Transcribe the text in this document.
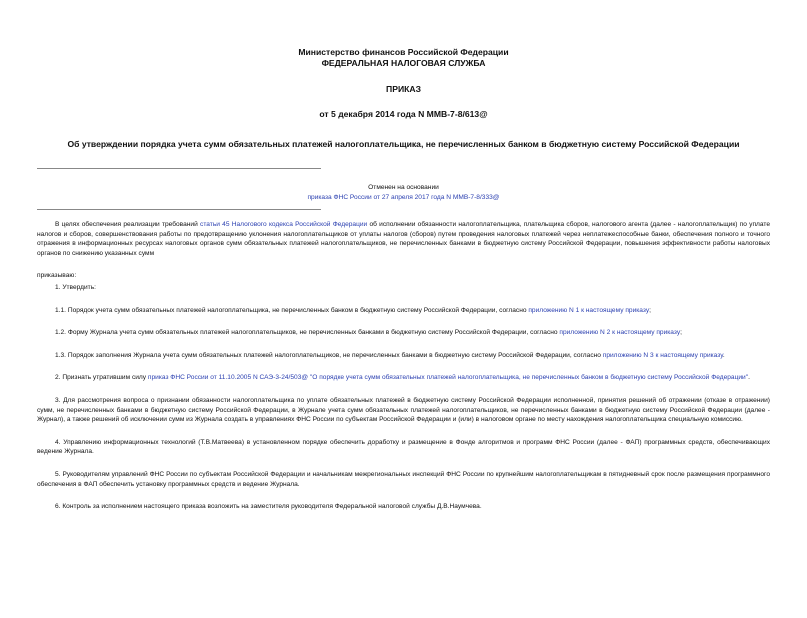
Министерство финансов Российской Федерации
ФЕДЕРАЛЬНАЯ НАЛОГОВАЯ СЛУЖБА
ПРИКАЗ
от 5 декабря 2014 года N ММВ-7-8/613@
Об утверждении порядка учета сумм обязательных платежей налогоплательщика, не перечисленных банком в бюджетную систему Российской Федерации
Отменен на основании
приказа ФНС России от 27 апреля 2017 года N ММВ-7-8/333@
В целях обеспечения реализации требований статьи 45 Налогового кодекса Российской Федерации об исполнении обязанности налогоплательщика, плательщика сборов, налогового агента (далее - налогоплательщик) по уплате налогов и сборов, совершенствования работы по предотвращению уклонения налогоплательщиков от уплаты налогов (сборов) путем проведения налоговых платежей через неплатежеспособные банки, обеспечения полного и точного отражения в информационных ресурсах налоговых органов сумм обязательных платежей налогоплательщиков, не перечисленных банками в бюджетную систему Российской Федерации, повышения эффективности работы налоговых органов по снижению указанных сумм
приказываю:
1. Утвердить:
1.1. Порядок учета сумм обязательных платежей налогоплательщика, не перечисленных банком в бюджетную систему Российской Федерации, согласно приложению N 1 к настоящему приказу;
1.2. Форму Журнала учета сумм обязательных платежей налогоплательщиков, не перечисленных банками в бюджетную систему Российской Федерации, согласно приложению N 2 к настоящему приказу;
1.3. Порядок заполнения Журнала учета сумм обязательных платежей налогоплательщиков, не перечисленных банками в бюджетную систему Российской Федерации, согласно приложению N 3 к настоящему приказу.
2. Признать утратившим силу приказ ФНС России от 11.10.2005 N САЭ-3-24/503@ "О порядке учета сумм обязательных платежей налогоплательщика, не перечисленных банком в бюджетную систему Российской Федерации".
3. Для рассмотрения вопроса о признании обязанности налогоплательщика по уплате обязательных платежей в бюджетную систему Российской Федерации исполненной, принятия решений об отражении (отказе в отражении) сумм, не перечисленных банками в бюджетную систему Российской Федерации, в Журнале учета сумм обязательных платежей налогоплательщиков, не перечисленных банками в бюджетную систему Российской Федерации (далее - Журнал), а также решений об исключении сумм из Журнала создать в управлениях ФНС России по субъектам Российской Федерации и (или) в налоговом органе по месту нахождения налогоплательщика специальную комиссию.
4. Управлению информационных технологий (Т.В.Матвеева) в установленном порядке обеспечить доработку и размещение в Фонде алгоритмов и программ ФНС России (далее - ФАП) программных средств, обеспечивающих ведение Журнала.
5. Руководителям управлений ФНС России по субъектам Российской Федерации и начальникам межрегиональных инспекций ФНС России по крупнейшим налогоплательщикам в пятидневный срок после размещения программного обеспечения в ФАП обеспечить установку программных средств и ведение Журнала.
6. Контроль за исполнением настоящего приказа возложить на заместителя руководителя Федеральной налоговой службы Д.В.Наумчева.
